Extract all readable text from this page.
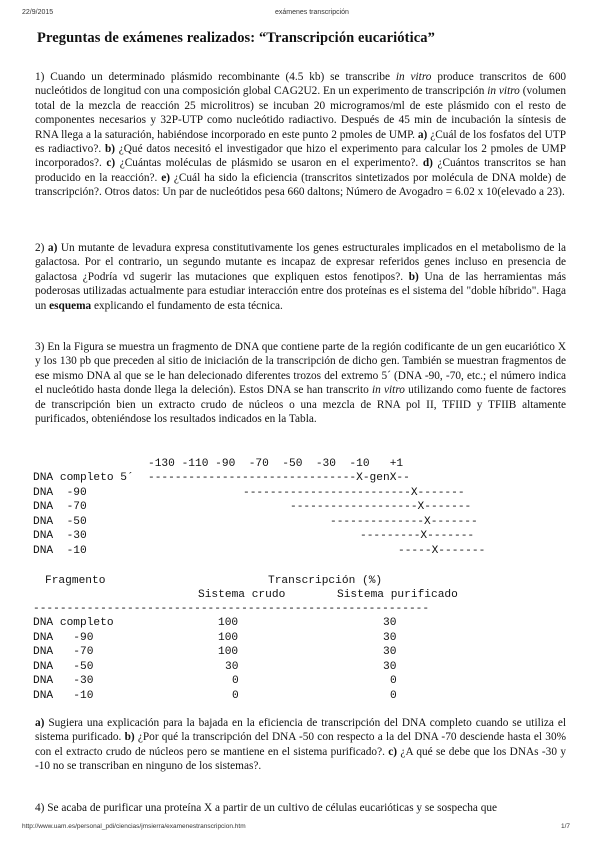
22/9/2015	exámenes transcripción
Preguntas de exámenes realizados: “Transcripción eucariótica”

1) Cuando un determinado plásmido recombinante (4.5 kb) se transcribe in vitro produce transcritos de 600 nucleótidos de longitud con una composición global CAG2U2. En un experimento de transcripción in vitro (volumen total de la mezcla de reacción 25 microlitros) se incuban 20 microgramos/ml de este plásmido con el resto de componentes necesarios y 32P-UTP como nucleótido radiactivo. Después de 45 min de incubación la síntesis de RNA llega a la saturación, habiéndose incorporado en este punto 2 pmoles de UMP. a) ¿Cuál de los fosfatos del UTP es radiactivo?. b) ¿Qué datos necesitó el investigador que hizo el experimento para calcular los 2 pmoles de UMP incorporados?. c) ¿Cuántas moléculas de plásmido se usaron en el experimento?. d) ¿Cuántos transcritos se han producido en la reacción?. e) ¿Cuál ha sido la eficiencia (transcritos sintetizados por molécula de DNA molde) de transcripción?. Otros datos: Un par de nucleótidos pesa 660 daltons; Número de Avogadro = 6.02 x 10(elevado a 23).

2) a) Un mutante de levadura expresa constitutivamente los genes estructurales implicados en el metabolismo de la galactosa. Por el contrario, un segundo mutante es incapaz de expresar referidos genes incluso en presencia de galactosa ¿Podría vd sugerir las mutaciones que expliquen estos fenotipos?. b) Una de las herramientas más poderosas utilizadas actualmente para estudiar interacción entre dos proteínas es el sistema del "doble híbrido". Haga un esquema explicando el fundamento de esta técnica.

3) En la Figura se muestra un fragmento de DNA que contiene parte de la región codificante de un gen eucariótico X y los 130 pb que preceden al sitio de iniciación de la transcripción de dicho gen. También se muestran fragmentos de ese mismo DNA al que se le han delecionado diferentes trozos del extremo 5´ (DNA -90, -70, etc.; el número indica el nucleótido hasta donde llega la deleción). Estos DNA se han transcrito in vitro utilizando como fuente de factores de transcripción bien un extracto crudo de núcleos o una mezcla de RNA pol II, TFIID y TFIIB altamente purificados, obteniéndose los resultados indicados en la Tabla.

-130 -110 -90  -70  -50  -30  -10   +1
DNA completo 5´ -------------------------------X-genX--
DNA  -90	-------------------------X-------
DNA  -70	-------------------X-------
DNA  -50	--------------X-------
DNA  -30	---------X-------
DNA  -10	-----X-------
Fragmento	Transcripción (%)
Sistema crudo	Sistema purificado
-----------------------------------------------------------
DNA completo	100	30
DNA   -90	100	30
DNA   -70	100	30
DNA   -50	30	30
DNA   -30	0	0
DNA   -10	0	0

a) Sugiera una explicación para la bajada en la eficiencia de transcripción del DNA completo cuando se utiliza el sistema purificado. b) ¿Por qué la transcripción del DNA -50 con respecto a la del DNA -70 desciende hasta el 30% con el extracto crudo de núcleos pero se mantiene en el sistema purificado?. c) ¿A qué se debe que los DNAs -30 y -10 no se transcriban en ninguno de los sistemas?.

4) Se acaba de purificar una proteína X a partir de un cultivo de células eucarióticas y se sospecha que

http://www.uam.es/personal_pdi/ciencias/jmsierra/examenestranscripcion.htm	1/7
